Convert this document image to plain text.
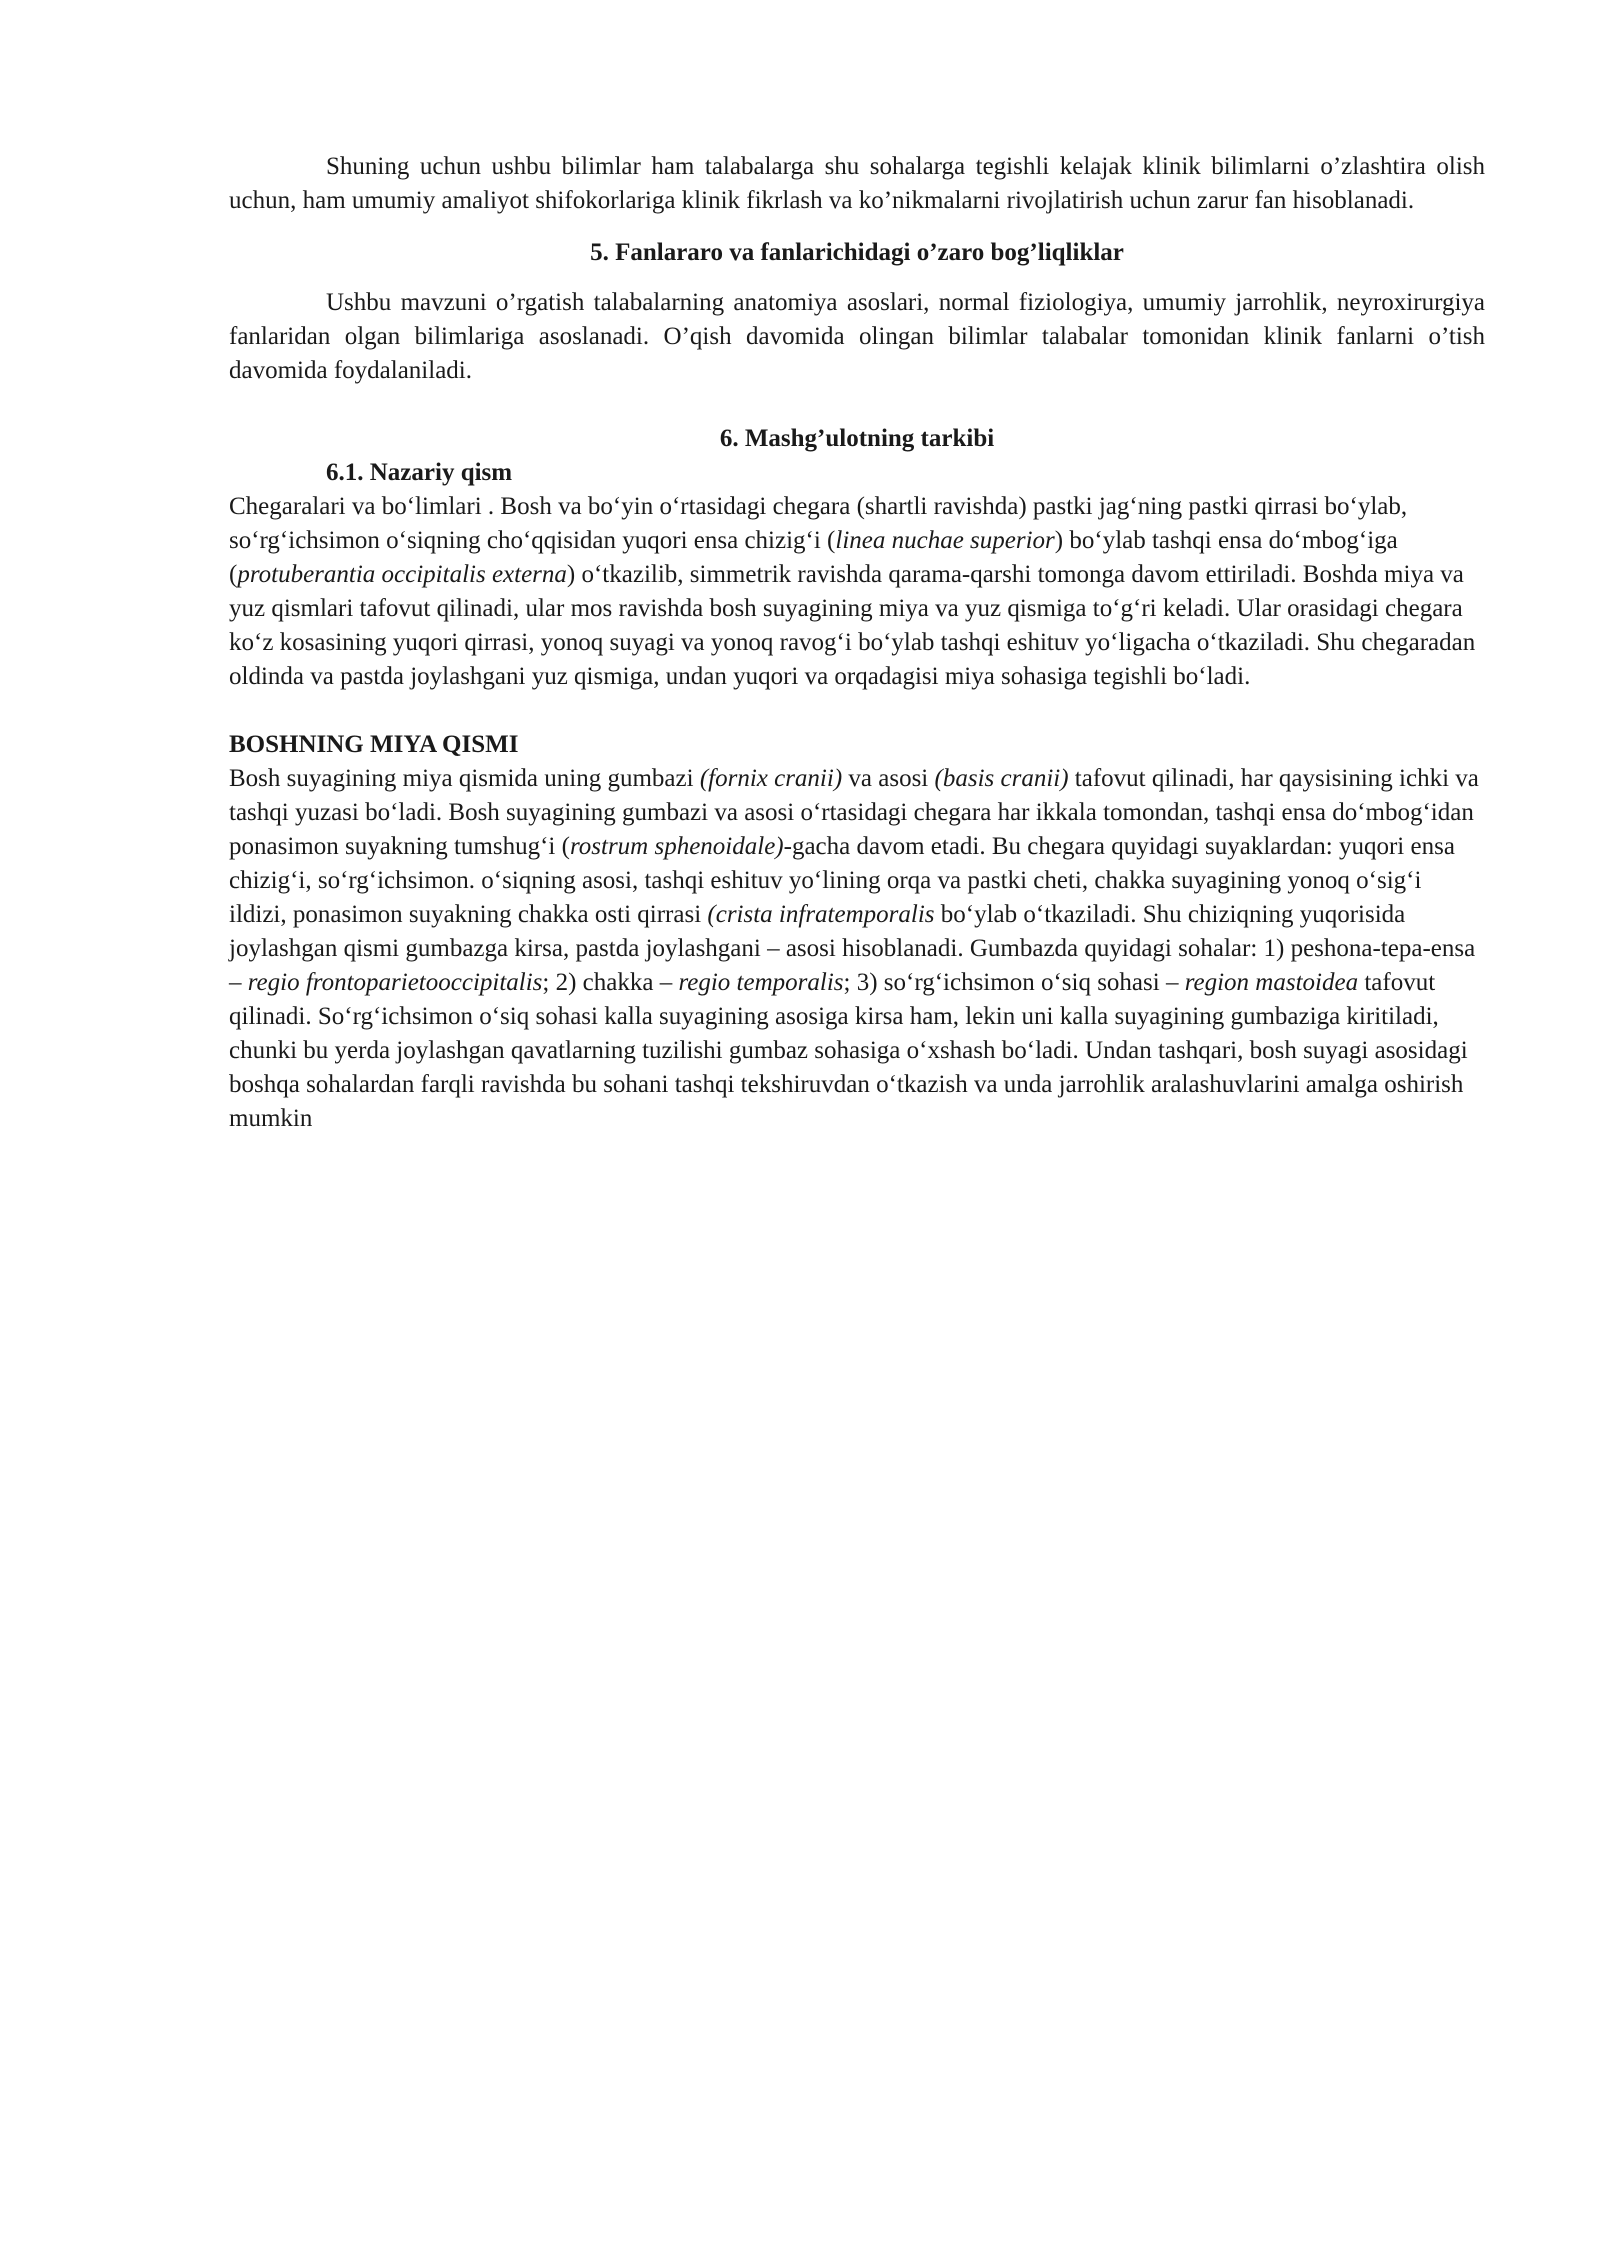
Shuning uchun ushbu bilimlar ham talabalarga shu sohalarga tegishli kelajak klinik bilimlarni o’zlashtira olish uchun, ham umumiy amaliyot shifokorlariga klinik fikrlash va ko’nikmalarni rivojlatirish uchun zarur fan hisoblanadi.

5. Fanlararo va fanlarichidagi o’zaro bog’liqliklar

Ushbu mavzuni o’rgatish talabalarning anatomiya asoslari, normal fiziologiya, umumiy jarrohlik, neyroxirurgiya fanlaridan olgan bilimlariga asoslanadi. O’qish davomida olingan bilimlar talabalar tomonidan klinik fanlarni o’tish davomida foydalaniladi.

6. Mashg’ulotning tarkibi

6.1. Nazariy qism

Chegaralari va bo‘limlari . Bosh va bo‘yin o‘rtasidagi chegara (shartli ravishda) pastki jag‘ning pastki qirrasi bo‘ylab, so‘rg‘ichsimon o‘siqning cho‘qqisidan yuqori ensa chizig‘i (linea nuchae superior) bo‘ylab tashqi ensa do‘mbog‘iga (protuberantia occipitalis externa) o‘tkazilib, simmetrik ravishda qarama-qarshi tomonga davom ettiriladi. Boshda miya va yuz qismlari tafovut qilinadi, ular mos ravishda bosh suyagining miya va yuz qismiga to‘g‘ri keladi. Ular orasidagi chegara ko‘z kosasining yuqori qirrasi, yonoq suyagi va yonoq ravog‘i bo‘ylab tashqi eshituv yo‘ligacha o‘tkaziladi. Shu chegaradan oldinda va pastda joylashgani yuz qismiga, undan yuqori va orqadagisi miya sohasiga tegishli bo‘ladi.

BOSHNING MIYA QISMI

Bosh suyagining miya qismida uning gumbazi (fornix cranii) va asosi (basis cranii) tafovut qilinadi, har qaysisining ichki va tashqi yuzasi bo‘ladi. Bosh suyagining gumbazi va asosi o‘rtasidagi chegara har ikkala tomondan, tashqi ensa do‘mbog‘idan ponasimon suyakning tumshug‘i (rostrum sphenoidale)-gacha davom etadi. Bu chegara quyidagi suyaklardan: yuqori ensa chizig‘i, so‘rg‘ichsimon. o‘siqning asosi, tashqi eshituv yo‘lining orqa va pastki cheti, chakka suyagining yonoq o‘sig‘i ildizi, ponasimon suyakning chakka osti qirrasi (crista infratemporalis bo‘ylab o‘tkaziladi. Shu chiziqning yuqorisida joylashgan qismi gumbazga kirsa, pastda joylashgani – asosi hisoblanadi. Gumbazda quyidagi sohalar: 1) peshona-tepa-ensa – regio frontoparietooccipitalis; 2) chakka – regio temporalis; 3) so‘rg‘ichsimon o‘siq sohasi – region mastoidea tafovut qilinadi. So‘rg‘ichsimon o‘siq sohasi kalla suyagining asosiga kirsa ham, lekin uni kalla suyagining gumbaziga kiritiladi, chunki bu yerda joylashgan qavatlarning tuzilishi gumbaz sohasiga o‘xshash bo‘ladi. Undan tashqari, bosh suyagi asosidagi boshqa sohalardan farqli ravishda bu sohani tashqi tekshiruvdan o‘tkazish va unda jarrohlik aralashuvlarini amalga oshirish mumkin
